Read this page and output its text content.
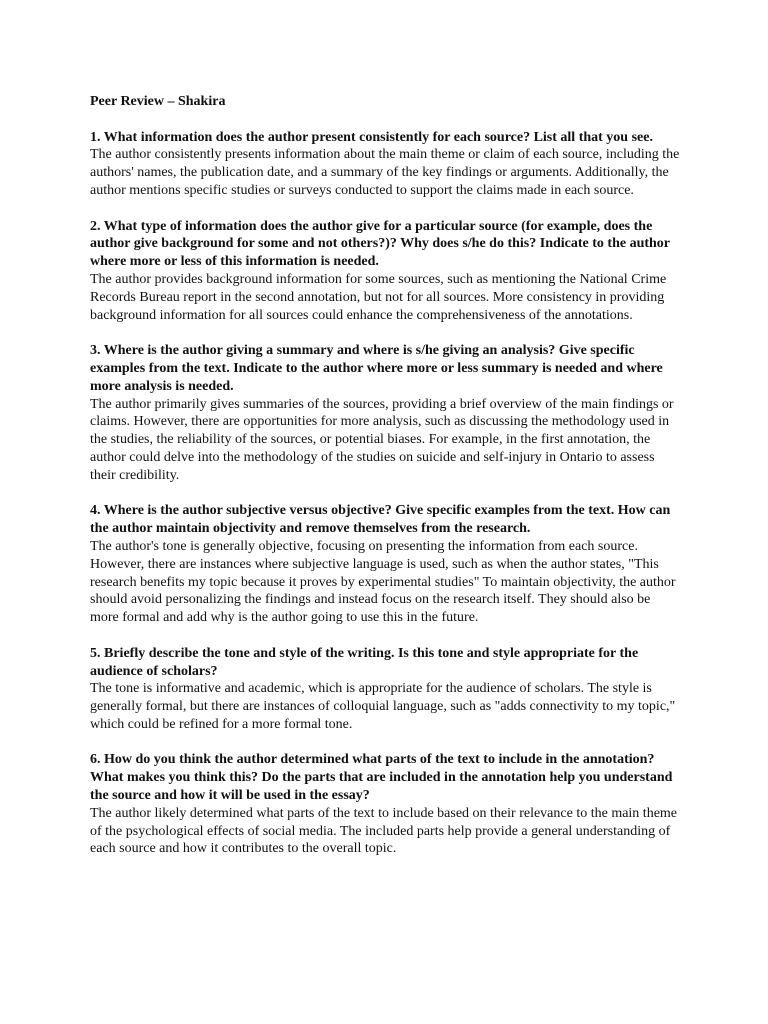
Peer Review – Shakira

1. What information does the author present consistently for each source? List all that you see.

The author consistently presents information about the main theme or claim of each source, including the authors' names, the publication date, and a summary of the key findings or arguments. Additionally, the author mentions specific studies or surveys conducted to support the claims made in each source.

2. What type of information does the author give for a particular source (for example, does the author give background for some and not others?)? Why does s/he do this? Indicate to the author where more or less of this information is needed.

The author provides background information for some sources, such as mentioning the National Crime Records Bureau report in the second annotation, but not for all sources. More consistency in providing background information for all sources could enhance the comprehensiveness of the annotations.

3. Where is the author giving a summary and where is s/he giving an analysis? Give specific examples from the text. Indicate to the author where more or less summary is needed and where more analysis is needed.

The author primarily gives summaries of the sources, providing a brief overview of the main findings or claims. However, there are opportunities for more analysis, such as discussing the methodology used in the studies, the reliability of the sources, or potential biases. For example, in the first annotation, the author could delve into the methodology of the studies on suicide and self-injury in Ontario to assess their credibility.

4. Where is the author subjective versus objective? Give specific examples from the text. How can the author maintain objectivity and remove themselves from the research.

The author's tone is generally objective, focusing on presenting the information from each source. However, there are instances where subjective language is used, such as when the author states, "This research benefits my topic because it proves by experimental studies" To maintain objectivity, the author should avoid personalizing the findings and instead focus on the research itself. They should also be more formal and add why is the author going to use this in the future.

5. Briefly describe the tone and style of the writing. Is this tone and style appropriate for the audience of scholars?

The tone is informative and academic, which is appropriate for the audience of scholars. The style is generally formal, but there are instances of colloquial language, such as "adds connectivity to my topic," which could be refined for a more formal tone.

6. How do you think the author determined what parts of the text to include in the annotation? What makes you think this? Do the parts that are included in the annotation help you understand the source and how it will be used in the essay?

The author likely determined what parts of the text to include based on their relevance to the main theme of the psychological effects of social media. The included parts help provide a general understanding of each source and how it contributes to the overall topic.
